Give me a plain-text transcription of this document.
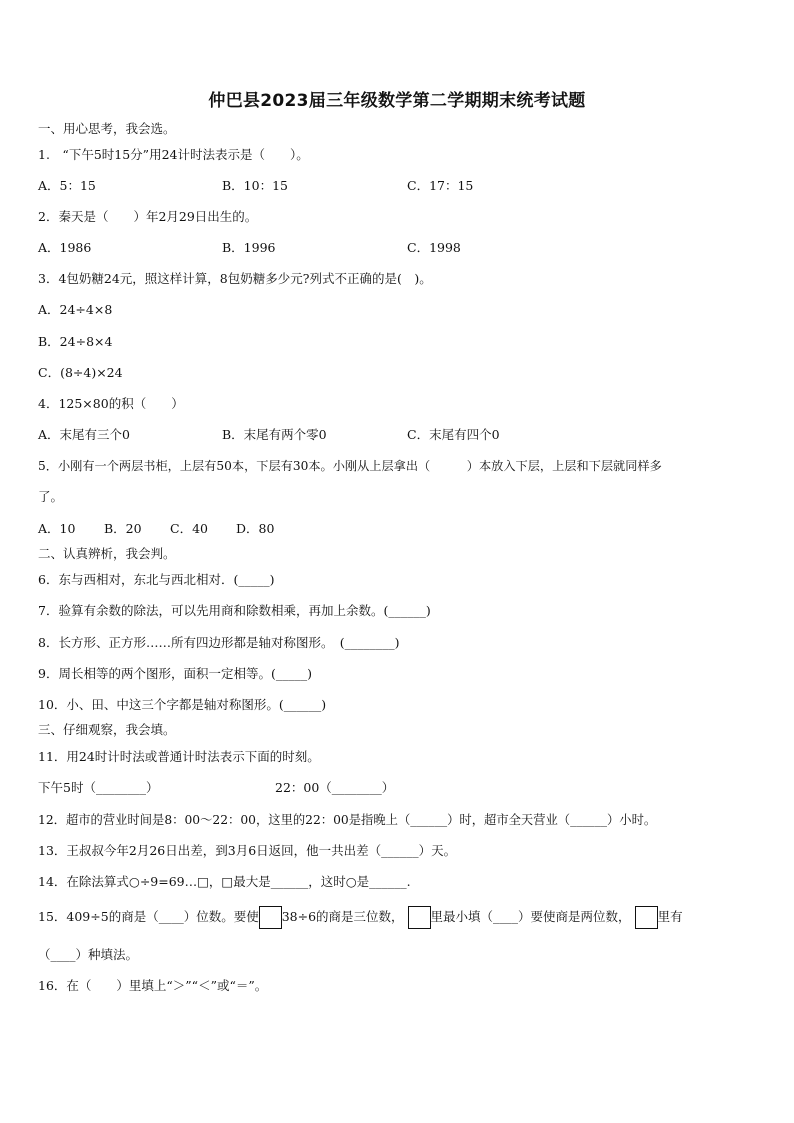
仲巴县2023届三年级数学第二学期期末统考试题
一、用心思考，我会选。
1.　“下午5时15分”用24计时法表示是（　　）。
A．5：15	B．10：15	C．17：15
2．秦天是（　　）年2月29日出生的。
A．1986	B．1996	C．1998
3．4包奶糖24元，照这样计算，8包奶糖多少元?列式不正确的是(　)。
A．24÷4×8
B．24÷8×4
C．(8÷4)×24
4．125×80的积（　　）
A．末尾有三个0	B．末尾有两个零0	C．末尾有四个0
5．小刚有一个两层书柜，上层有50本，下层有30本。小刚从上层拿出（　　　）本放入下层，上层和下层就同样多
了。
A．10 B．20 C．40 D．80
二、认真辨析，我会判。
6．东与西相对，东北与西北相对．(_____)
7．验算有余数的除法，可以先用商和除数相乘，再加上余数。(______)
8．长方形、正方形……所有四边形都是轴对称图形。　(________)
9．周长相等的两个图形，面积一定相等。(_____)
10．小、田、中这三个字都是轴对称图形。(______)
三、仔细观察，我会填。
11．用24时计时法或普通计时法表示下面的时刻。
下午5时（________）	22：00（________）
12．超市的营业时间是8：00～22：00，这里的22：00是指晚上（______）时，超市全天营业（______）小时。
13．王叔叔今年2月26日出差，到3月6日返回，他一共出差（______）天。
14．在除法算式○÷9=69…□，□最大是______，这时○是______.
15．409÷5的商是（____）位数。要使 38÷6的商是三位数， 里最小填（____）要使商是两位数， 里有
（____）种填法。
16．在（　　）里填上“＞”“＜”或“＝”。
